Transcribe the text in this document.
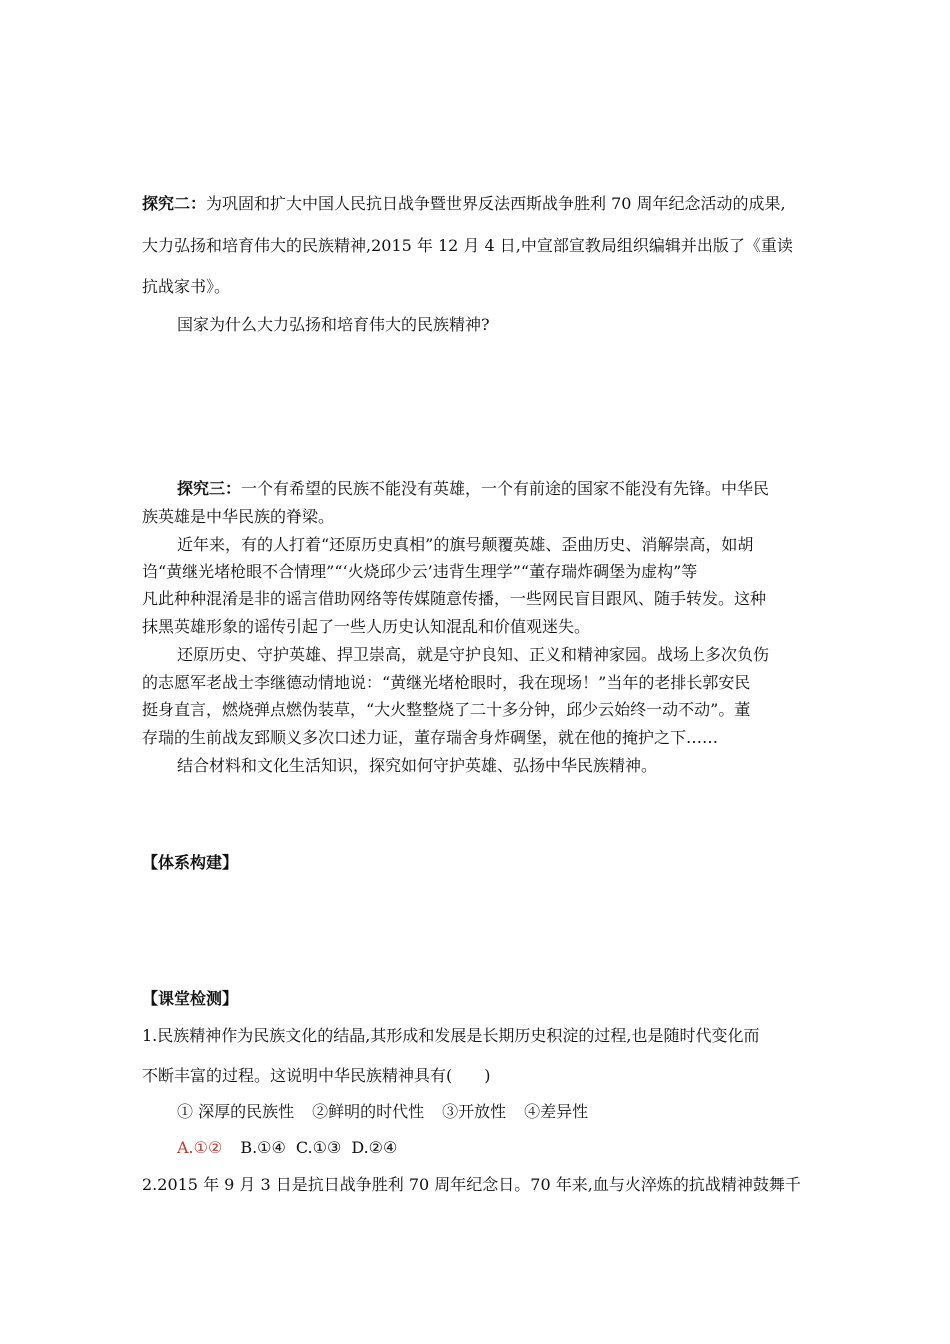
探究二：为巩固和扩大中国人民抗日战争暨世界反法西斯战争胜利 70 周年纪念活动的成果,
大力弘扬和培育伟大的民族精神,2015 年 12 月 4 日,中宣部宣教局组织编辑并出版了《重读
抗战家书》。
国家为什么大力弘扬和培育伟大的民族精神?
探究三：一个有希望的民族不能没有英雄，一个有前途的国家不能没有先锋。中华民
族英雄是中华民族的脊梁。
近年来，有的人打着“还原历史真相”的旗号颠覆英雄、歪曲历史、消解崇高，如胡
诌“黄继光堵枪眼不合情理”“‘火烧邱少云’违背生理学”“董存瑞炸碉堡为虚构”等
凡此种种混淆是非的谣言借助网络等传媒随意传播，一些网民盲目跟风、随手转发。这种
抹黑英雄形象的谣传引起了一些人历史认知混乱和价值观迷失。
还原历史、守护英雄、捍卫崇高，就是守护良知、正义和精神家园。战场上多次负伤
的志愿军老战士李继德动情地说：“黄继光堵枪眼时，我在现场！”当年的老排长郭安民
挺身直言，燃烧弹点燃伪装草，“大火整整烧了二十多分钟，邱少云始终一动不动”。董
存瑞的生前战友郅顺义多次口述力证，董存瑞舍身炸碉堡，就在他的掩护之下……
结合材料和文化生活知识，探究如何守护英雄、弘扬中华民族精神。
【体系构建】
【课堂检测】
1.民族精神作为民族文化的结晶,其形成和发展是长期历史积淀的过程,也是随时代变化而
不断丰富的过程。这说明中华民族精神具有(　　)
① 深厚的民族性 ②鲜明的时代性 ③开放性 ④差异性
A.①② B.①④ C.①③ D.②④
2.2015 年 9 月 3 日是抗日战争胜利 70 周年纪念日。70 年来,血与火淬炼的抗战精神鼓舞千
